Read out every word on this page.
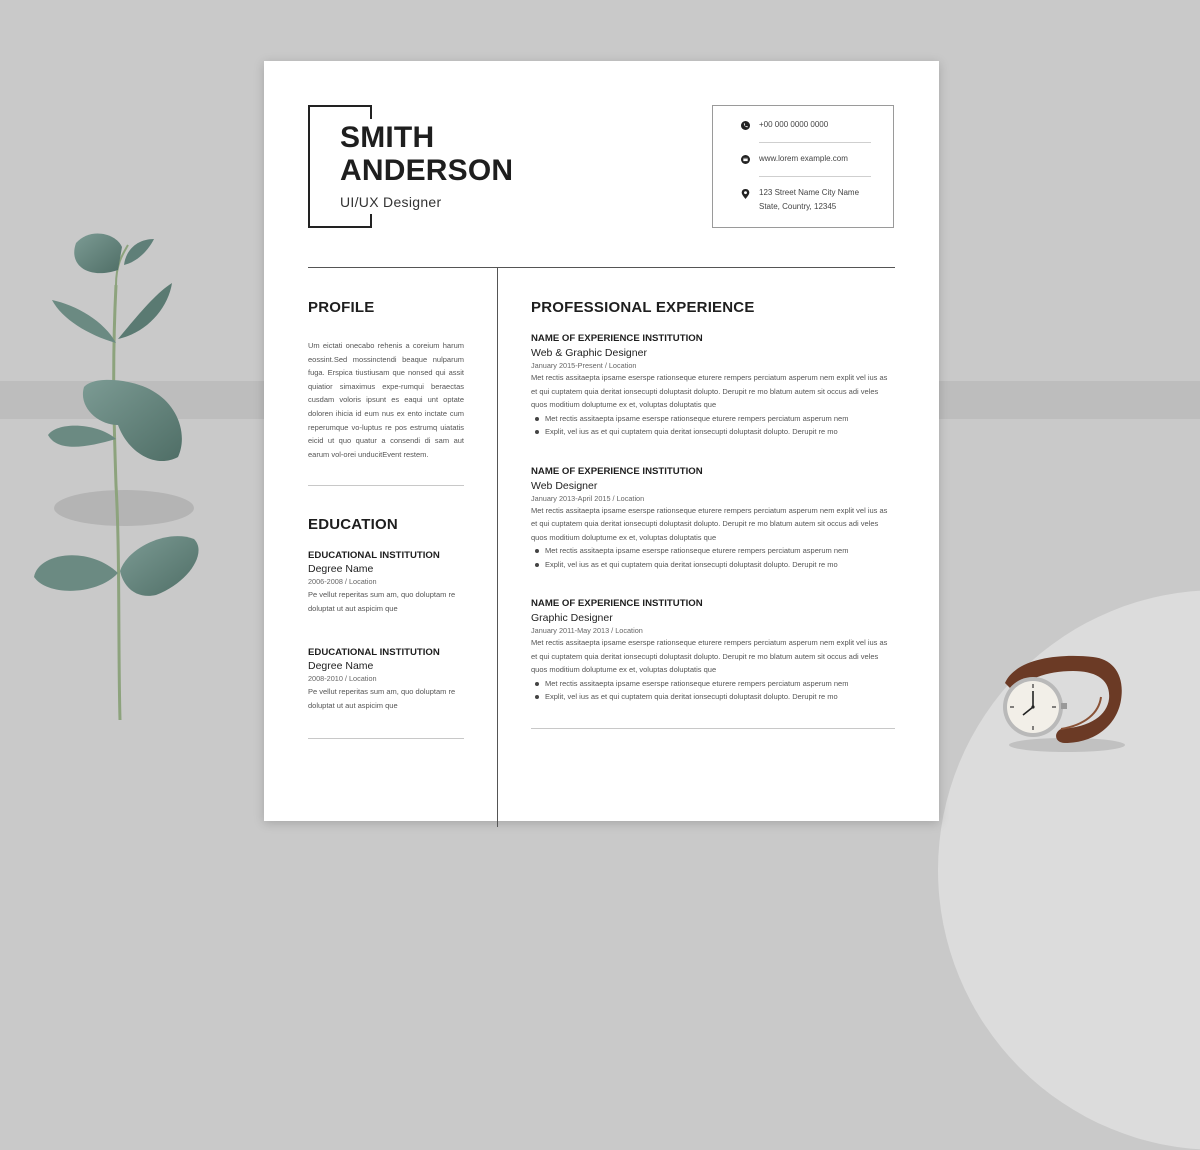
SMITH
ANDERSON
UI/UX Designer
+00 000 0000 0000
www.lorem example.com
123 Street Name City Name
State, Country, 12345
PROFILE
Um eictati onecabo rehenis a coreium harum eossint.Sed mossinctendi beaque nulparum fuga. Erspica tiustiusam que nonsed qui assit quiatior simaximus expe-rumqui beraectas cusdam voloris ipsunt es eaqui unt optate doloren ihicia id eum nus ex ento inctate cum reperumque vo-luptus re pos estrumq uiatatis eicid ut quo quatur a consendi di sam aut earum vol-orei unducitEvent restem.
EDUCATION
EDUCATIONAL INSTITUTION
Degree Name
2006-2008 / Location
Pe vellut reperitas sum am, quo doluptam re doluptat ut aut aspicim que
EDUCATIONAL INSTITUTION
Degree Name
2008-2010 / Location
Pe vellut reperitas sum am, quo doluptam re doluptat ut aut aspicim que
PROFESSIONAL EXPERIENCE
NAME OF EXPERIENCE INSTITUTION
Web & Graphic Designer
January 2015-Present / Location
Met rectis assitaepta ipsame eserspe rationseque eturere rempers perciatum asperum nem explit vel ius as et qui cuptatem quia deritat ionsecupti doluptasit dolupto. Derupit re mo blatum autem sit occus adi veles quos moditium doluptume ex et, voluptas doluptatis que
Met rectis assitaepta ipsame eserspe rationseque eturere rempers perciatum asperum nem
Explit, vel ius as et qui cuptatem quia deritat ionsecupti doluptasit dolupto. Derupit re mo
NAME OF EXPERIENCE INSTITUTION
Web Designer
January 2013-April 2015 / Location
Met rectis assitaepta ipsame eserspe rationseque eturere rempers perciatum asperum nem explit vel ius as et qui cuptatem quia deritat ionsecupti doluptasit dolupto. Derupit re mo blatum autem sit occus adi veles quos moditium doluptume ex et, voluptas doluptatis que
Met rectis assitaepta ipsame eserspe rationseque eturere rempers perciatum asperum nem
Explit, vel ius as et qui cuptatem quia deritat ionsecupti doluptasit dolupto. Derupit re mo
NAME OF EXPERIENCE INSTITUTION
Graphic Designer
January 2011-May 2013 / Location
Met rectis assitaepta ipsame eserspe rationseque eturere rempers perciatum asperum nem explit vel ius as et qui cuptatem quia deritat ionsecupti doluptasit dolupto. Derupit re mo blatum autem sit occus adi veles quos moditium doluptume ex et, voluptas doluptatis que
Met rectis assitaepta ipsame eserspe rationseque eturere rempers perciatum asperum nem
Explit, vel ius as et qui cuptatem quia deritat ionsecupti doluptasit dolupto. Derupit re mo
